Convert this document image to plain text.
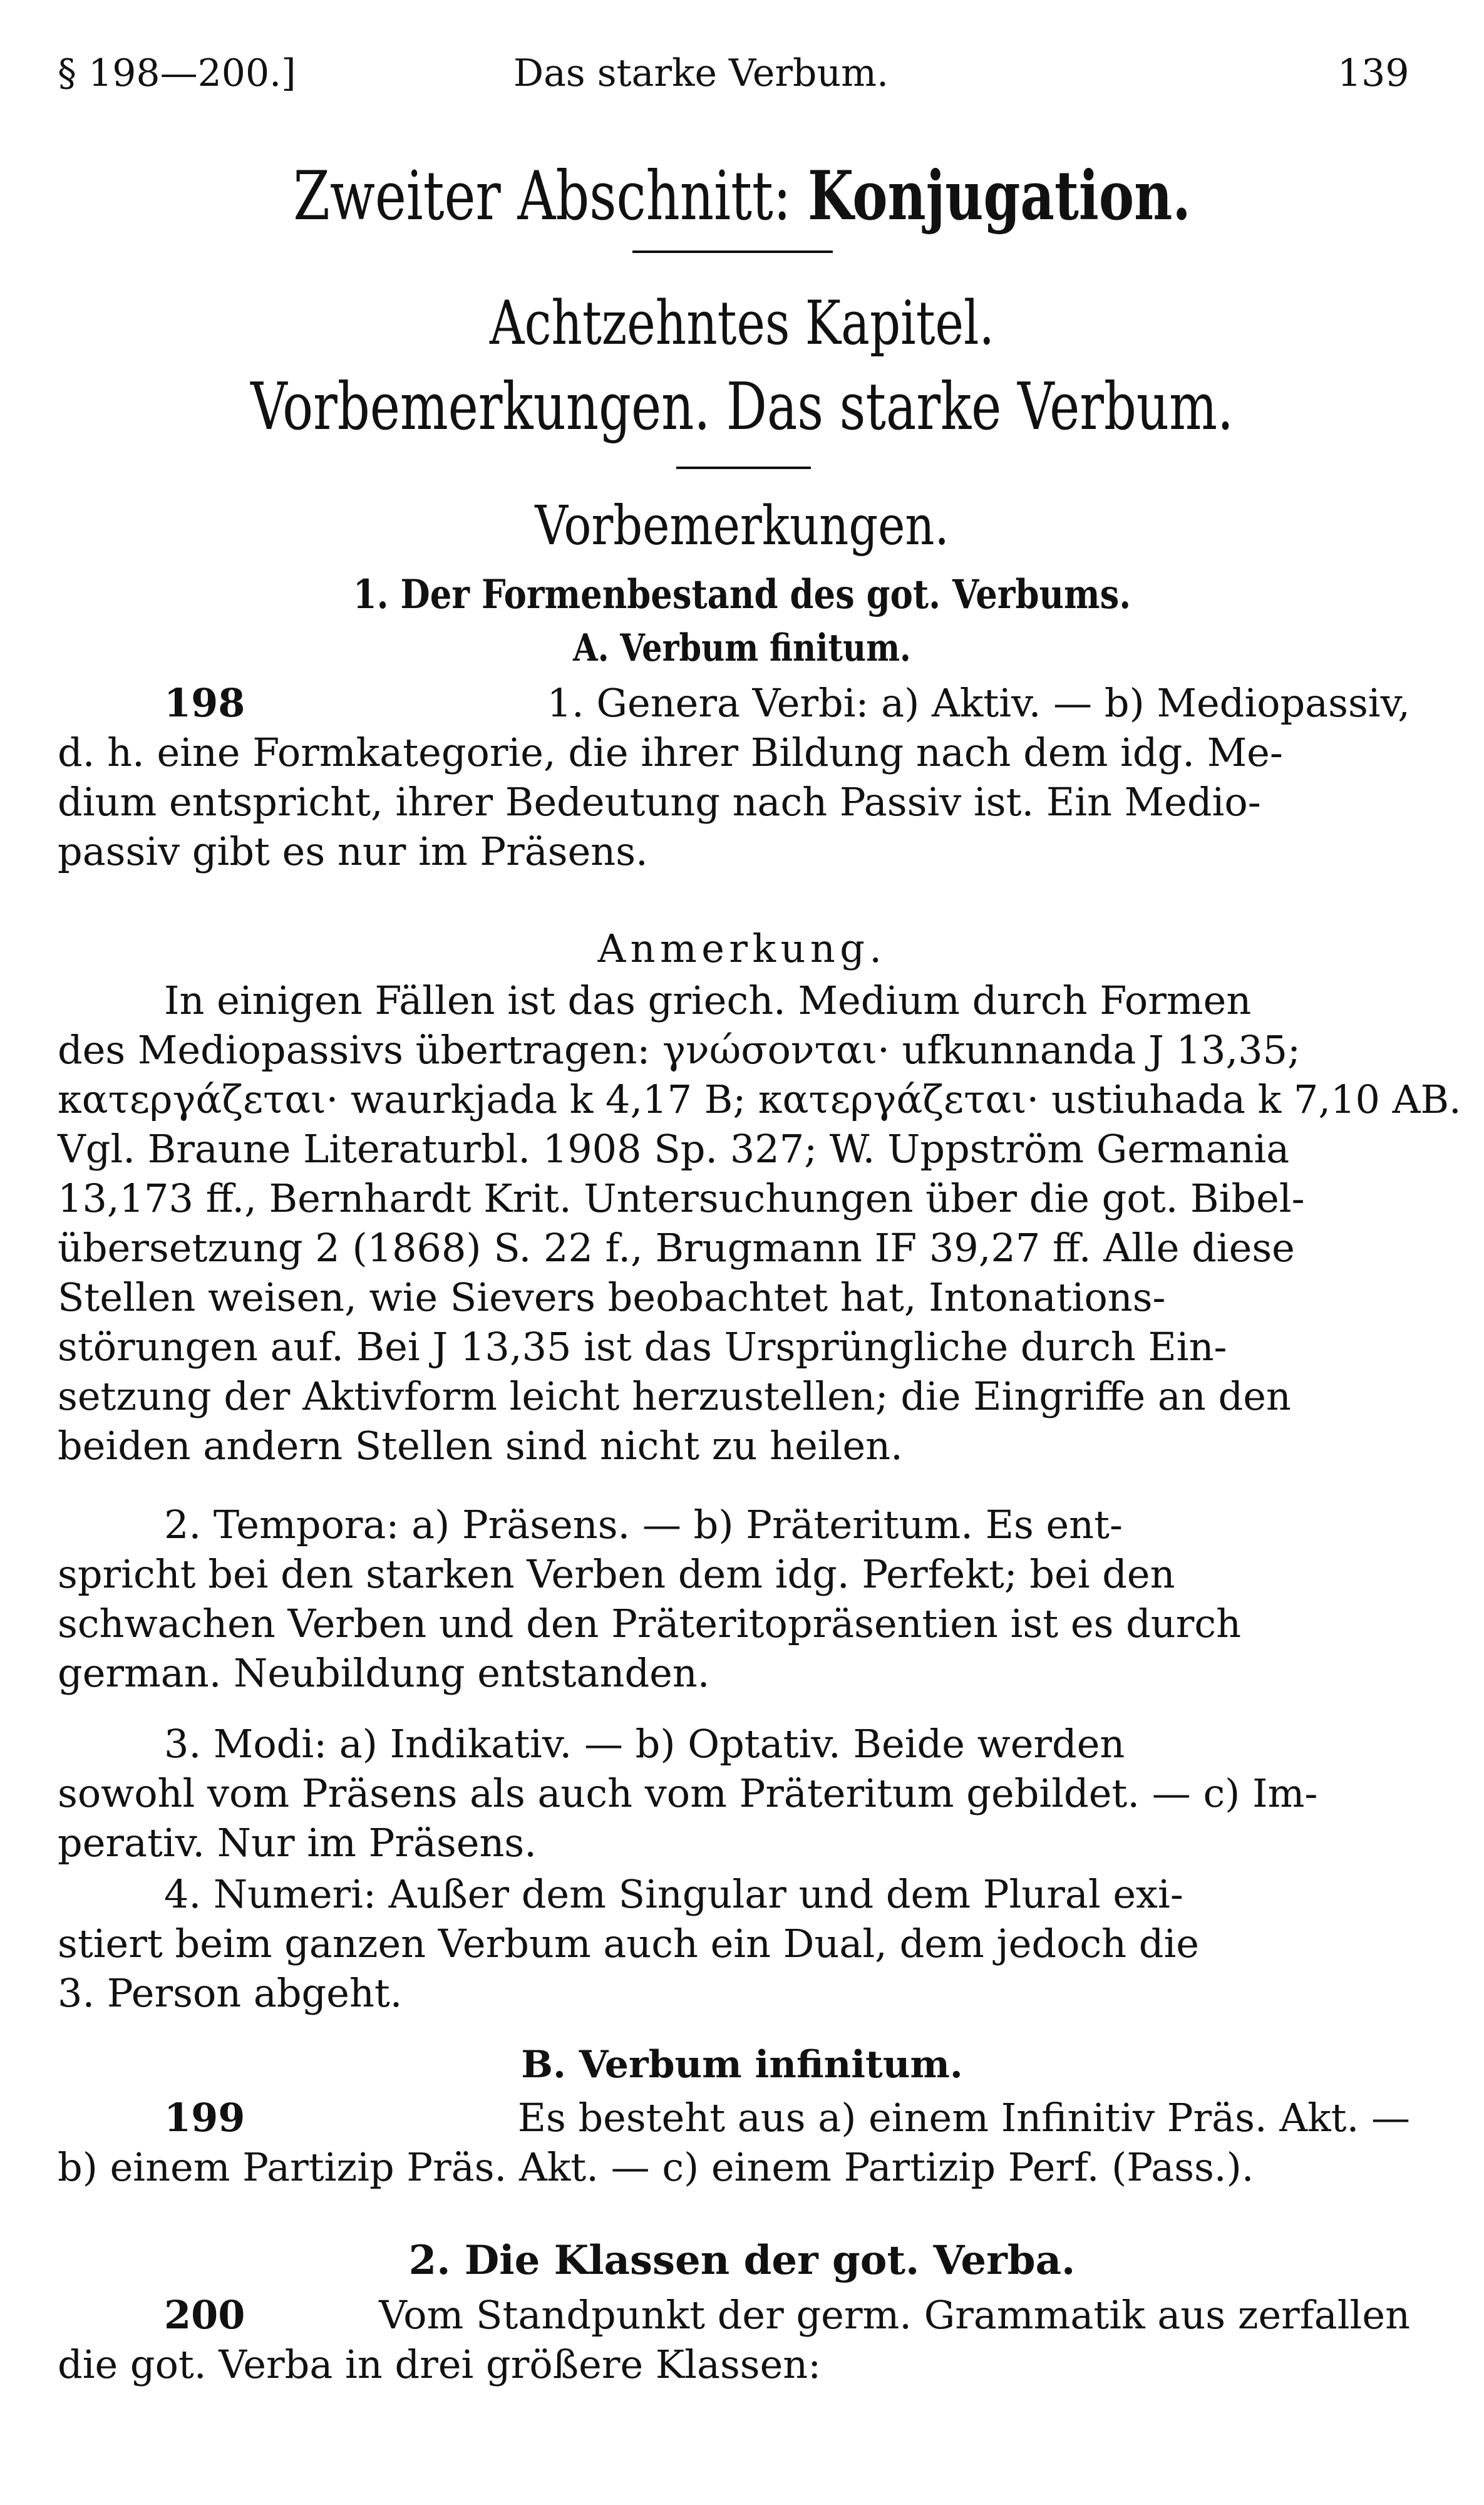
§ 198—200.]	Das starke Verbum.	139
Zweiter Abschnitt: Konjugation.
Achtzehntes Kapitel.
Vorbemerkungen. Das starke Verbum.
Vorbemerkungen.
1. Der Formenbestand des got. Verbums.
A. Verbum finitum.
198	1. Genera Verbi: a) Aktiv. — b) Mediopassiv,
d. h. eine Formkategorie, die ihrer Bildung nach dem idg. Me-
dium entspricht, ihrer Bedeutung nach Passiv ist. Ein Medio-
passiv gibt es nur im Präsens.
Anmerkung.
In einigen Fällen ist das griech. Medium durch Formen
des Mediopassivs übertragen: γνώσονται· ufkunnanda J 13,35;
κατεργάζεται· waurkjada k 4,17 B; κατεργάζεται· ustiuhada k 7,10 AB.
Vgl. Braune Literaturbl. 1908 Sp. 327; W. Uppström Germania
13,173 ff., Bernhardt Krit. Untersuchungen über die got. Bibel-
übersetzung 2 (1868) S. 22 f., Brugmann IF 39,27 ff. Alle diese
Stellen weisen, wie Sievers beobachtet hat, Intonations-
störungen auf. Bei J 13,35 ist das Ursprüngliche durch Ein-
setzung der Aktivform leicht herzustellen; die Eingriffe an den
beiden andern Stellen sind nicht zu heilen.
2. Tempora: a) Präsens. — b) Präteritum. Es ent-
spricht bei den starken Verben dem idg. Perfekt; bei den
schwachen Verben und den Präteritopräsentien ist es durch
german. Neubildung entstanden.
3. Modi: a) Indikativ. — b) Optativ. Beide werden
sowohl vom Präsens als auch vom Präteritum gebildet. — c) Im-
perativ. Nur im Präsens.
4. Numeri: Außer dem Singular und dem Plural exi-
stiert beim ganzen Verbum auch ein Dual, dem jedoch die
3. Person abgeht.
B. Verbum infinitum.
199	Es besteht aus a) einem Infinitiv Präs. Akt. —
b) einem Partizip Präs. Akt. — c) einem Partizip Perf. (Pass.).
2. Die Klassen der got. Verba.
200	Vom Standpunkt der germ. Grammatik aus zerfallen
die got. Verba in drei größere Klassen:
